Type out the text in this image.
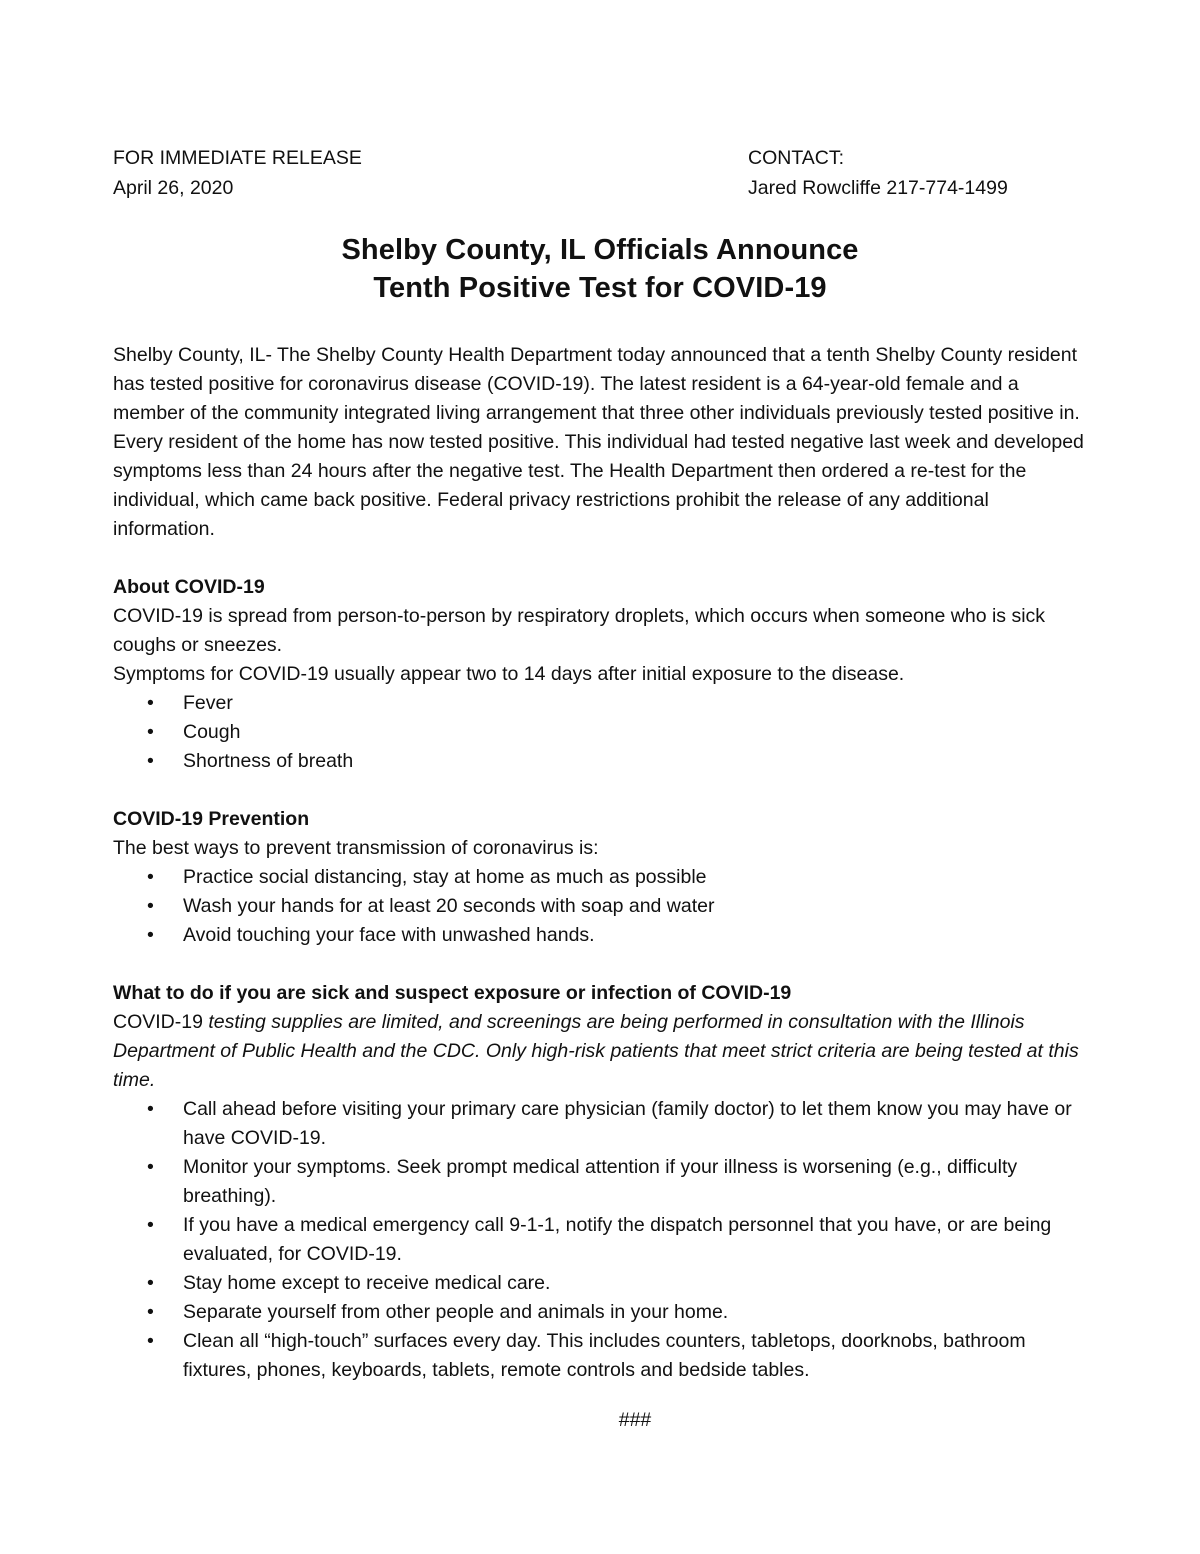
FOR IMMEDIATE RELEASE
April 26, 2020
CONTACT:
Jared Rowcliffe 217-774-1499
Shelby County, IL Officials Announce
Tenth Positive Test for COVID-19

Shelby County, IL- The Shelby County Health Department today announced that a tenth Shelby County resident has tested positive for coronavirus disease (COVID-19). The latest resident is a 64-year-old female and a member of the community integrated living arrangement that three other individuals previously tested positive in. Every resident of the home has now tested positive. This individual had tested negative last week and developed symptoms less than 24 hours after the negative test. The Health Department then ordered a re-test for the individual, which came back positive. Federal privacy restrictions prohibit the release of any additional information.

About COVID-19

COVID-19 is spread from person-to-person by respiratory droplets, which occurs when someone who is sick coughs or sneezes.

Symptoms for COVID-19 usually appear two to 14 days after initial exposure to the disease.

• Fever
• Cough
• Shortness of breath

COVID-19 Prevention

The best ways to prevent transmission of coronavirus is:

• Practice social distancing, stay at home as much as possible
• Wash your hands for at least 20 seconds with soap and water
• Avoid touching your face with unwashed hands.

What to do if you are sick and suspect exposure or infection of COVID-19

COVID-19 testing supplies are limited, and screenings are being performed in consultation with the Illinois Department of Public Health and the CDC. Only high-risk patients that meet strict criteria are being tested at this time.

• Call ahead before visiting your primary care physician (family doctor) to let them know you may have or have COVID-19.
• Monitor your symptoms. Seek prompt medical attention if your illness is worsening (e.g., difficulty breathing).
• If you have a medical emergency call 9-1-1, notify the dispatch personnel that you have, or are being evaluated, for COVID-19.
• Stay home except to receive medical care.
• Separate yourself from other people and animals in your home.
• Clean all “high-touch” surfaces every day. This includes counters, tabletops, doorknobs, bathroom fixtures, phones, keyboards, tablets, remote controls and bedside tables.
###
